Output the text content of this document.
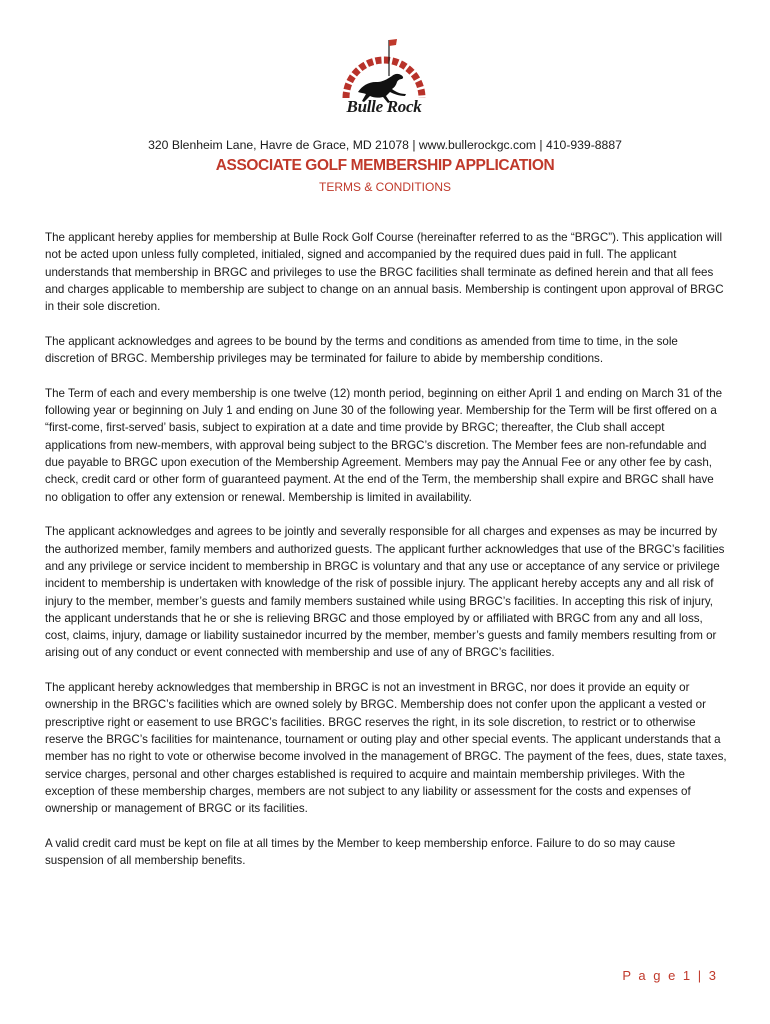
Bulle Rock
320 Blenheim Lane, Havre de Grace, MD 21078 | www.bullerockgc.com | 410-939-8887
ASSOCIATE GOLF MEMBERSHIP APPLICATION
TERMS & CONDITIONS

The applicant hereby applies for membership at Bulle Rock Golf Course (hereinafter referred to as the “BRGC”). This application will not be acted upon unless fully completed, initialed, signed and accompanied by the required dues paid in full. The applicant understands that membership in BRGC and privileges to use the BRGC facilities shall terminate as defined herein and that all fees and charges applicable to membership are subject to change on an annual basis. Membership is contingent upon approval of BRGC in their sole discretion.

The applicant acknowledges and agrees to be bound by the terms and conditions as amended from time to time, in the sole discretion of BRGC. Membership privileges may be terminated for failure to abide by membership conditions.

The Term of each and every membership is one twelve (12) month period, beginning on either April 1 and ending on March 31 of the following year or beginning on July 1 and ending on June 30 of the following year. Membership for the Term will be first offered on a “first-come, first-served’ basis, subject to expiration at a date and time provide by BRGC; thereafter, the Club shall accept applications from new-members, with approval being subject to the BRGC’s discretion. The Member fees are non-refundable and due payable to BRGC upon execution of the Membership Agreement. Members may pay the Annual Fee or any other fee by cash, check, credit card or other form of guaranteed payment. At the end of the Term, the membership shall expire and BRGC shall have no obligation to offer any extension or renewal. Membership is limited in availability.

The applicant acknowledges and agrees to be jointly and severally responsible for all charges and expenses as may be incurred by the authorized member, family members and authorized guests. The applicant further acknowledges that use of the BRGC’s facilities and any privilege or service incident to membership in BRGC is voluntary and that any use or acceptance of any service or privilege incident to membership is undertaken with knowledge of the risk of possible injury. The applicant hereby accepts any and all risk of injury to the member, member’s guests and family members sustained while using BRGC’s facilities. In accepting this risk of injury, the applicant understands that he or she is relieving BRGC and those employed by or affiliated with BRGC from any and all loss, cost, claims, injury, damage or liability sustainedor incurred by the member, member’s guests and family members resulting from or arising out of any conduct or event connected with membership and use of any of BRGC’s facilities.

The applicant hereby acknowledges that membership in BRGC is not an investment in BRGC, nor does it provide an equity or ownership in the BRGC’s facilities which are owned solely by BRGC. Membership does not confer upon the applicant a vested or prescriptive right or easement to use BRGC’s facilities. BRGC reserves the right, in its sole discretion, to restrict or to otherwise reserve the BRGC’s facilities for maintenance, tournament or outing play and other special events. The applicant understands that a member has no right to vote or otherwise become involved in the management of BRGC. The payment of the fees, dues, state taxes, service charges, personal and other charges established is required to acquire and maintain membership privileges. With the exception of these membership charges, members are not subject to any liability or assessment for the costs and expenses of ownership or management of BRGC or its facilities.

A valid credit card must be kept on file at all times by the Member to keep membership enforce. Failure to do so may cause suspension of all membership benefits.

P a g e 1 | 3
